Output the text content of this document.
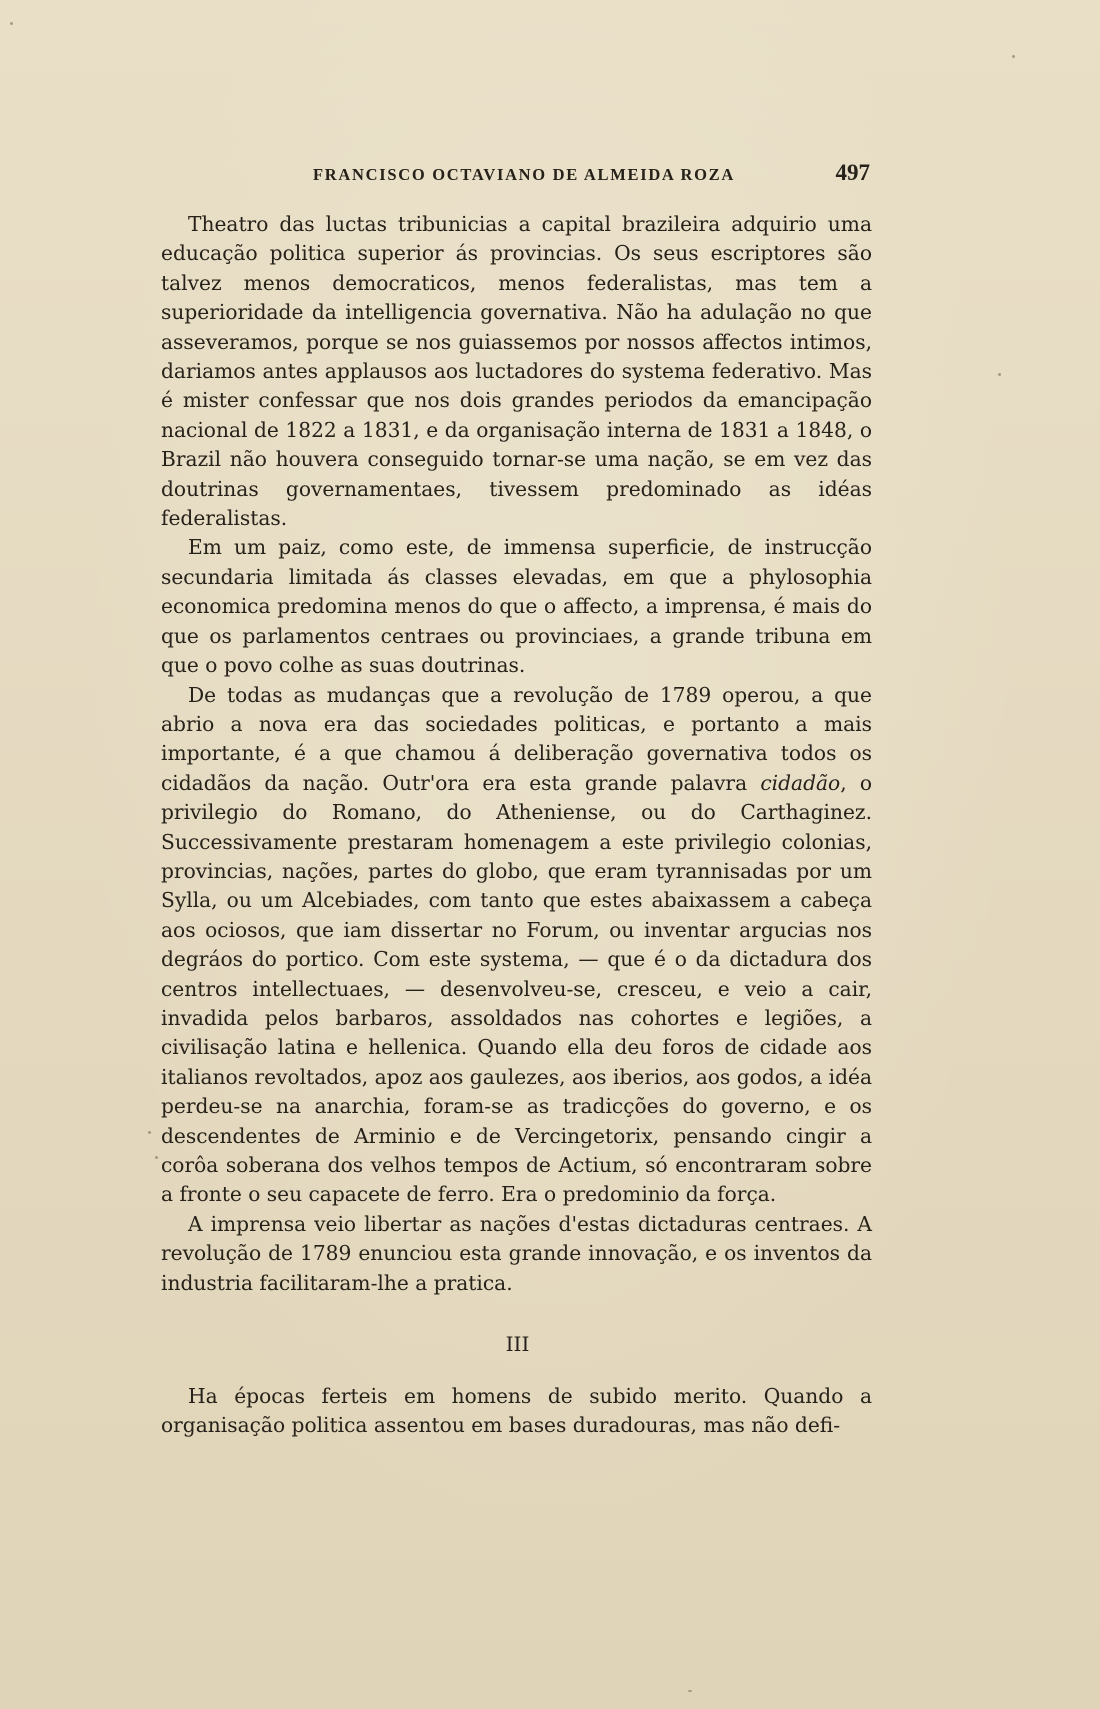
FRANCISCO OCTAVIANO DE ALMEIDA ROZA	497

Theatro das luctas tribunicias a capital brazileira adquirio uma educação politica superior ás provincias. Os seus escriptores são talvez menos democraticos, menos federalistas, mas tem a superioridade da intelligencia governativa. Não ha adulação no que asseveramos, porque se nos guiassemos por nossos affectos intimos, dariamos antes applausos aos luctadores do systema federativo. Mas é mister confessar que nos dois grandes periodos da emancipação nacional de 1822 a 1831, e da organisação interna de 1831 a 1848, o Brazil não houvera conseguido tornar-se uma nação, se em vez das doutrinas governamentaes, tivessem predominado as idéas federalistas.

Em um paiz, como este, de immensa superficie, de instrucção secundaria limitada ás classes elevadas, em que a phylosophia economica predomina menos do que o affecto, a imprensa, é mais do que os parlamentos centraes ou provinciaes, a grande tribuna em que o povo colhe as suas doutrinas.

De todas as mudanças que a revolução de 1789 operou, a que abrio a nova era das sociedades politicas, e portanto a mais importante, é a que chamou á deliberação governativa todos os cidadãos da nação. Outr'ora era esta grande palavra cidadão, o privilegio do Romano, do Atheniense, ou do Carthaginez. Successivamente prestaram homenagem a este privilegio colonias, provincias, nações, partes do globo, que eram tyrannisadas por um Sylla, ou um Alcebiades, com tanto que estes abaixassem a cabeça aos ociosos, que iam dissertar no Forum, ou inventar argucias nos degráos do portico. Com este systema, — que é o da dictadura dos centros intellectuaes, — desenvolveu-se, cresceu, e veio a cair, invadida pelos barbaros, assoldados nas cohortes e legiões, a civilisação latina e hellenica. Quando ella deu foros de cidade aos italianos revoltados, apoz aos gaulezes, aos iberios, aos godos, a idéa perdeu-se na anarchia, foram-se as tradicções do governo, e os descendentes de Arminio e de Vercingetorix, pensando cingir a corôa soberana dos velhos tempos de Actium, só encontraram sobre a fronte o seu capacete de ferro. Era o predominio da força.

A imprensa veio libertar as nações d'estas dictaduras centraes. A revolução de 1789 enunciou esta grande innovação, e os inventos da industria facilitaram-lhe a pratica.

III

Ha épocas ferteis em homens de subido merito. Quando a organisação politica assentou em bases duradouras, mas não defi-
